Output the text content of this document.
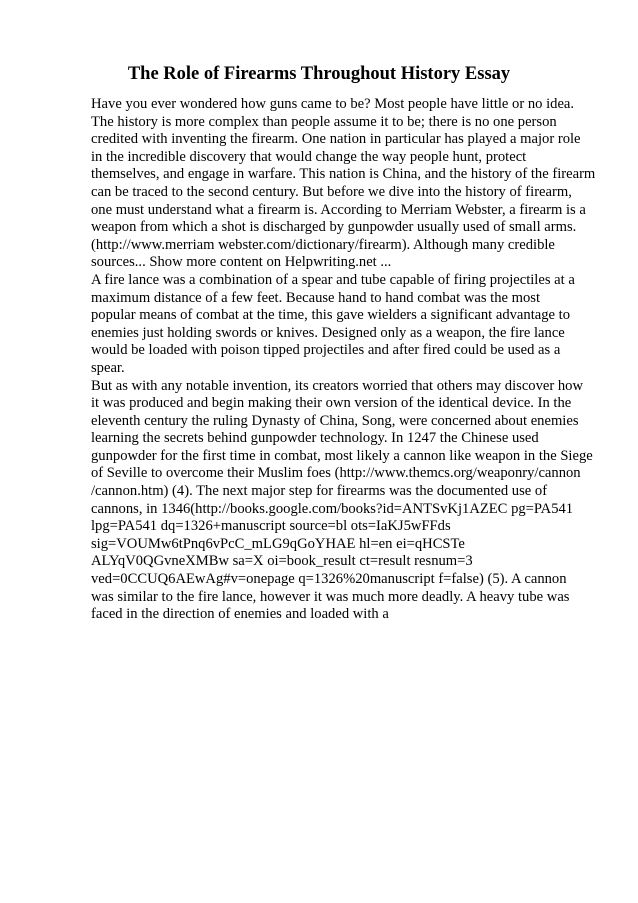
The Role of Firearms Throughout History Essay
Have you ever wondered how guns came to be? Most people have little or no idea.
The history is more complex than people assume it to be; there is no one person
credited with inventing the firearm. One nation in particular has played a major role
in the incredible discovery that would change the way people hunt, protect
themselves, and engage in warfare. This nation is China, and the history of the firearm
can be traced to the second century. But before we dive into the history of firearm,
one must understand what a firearm is. According to Merriam Webster, a firearm is a
weapon from which a shot is discharged by gunpowder usually used of small arms.
(http://www.merriam webster.com/dictionary/firearm). Although many credible
sources... Show more content on Helpwriting.net ...
A fire lance was a combination of a spear and tube capable of firing projectiles at a
maximum distance of a few feet. Because hand to hand combat was the most
popular means of combat at the time, this gave wielders a significant advantage to
enemies just holding swords or knives. Designed only as a weapon, the fire lance
would be loaded with poison tipped projectiles and after fired could be used as a
spear.
But as with any notable invention, its creators worried that others may discover how
it was produced and begin making their own version of the identical device. In the
eleventh century the ruling Dynasty of China, Song, were concerned about enemies
learning the secrets behind gunpowder technology. In 1247 the Chinese used
gunpowder for the first time in combat, most likely a cannon like weapon in the Siege
of Seville to overcome their Muslim foes (http://www.themcs.org/weaponry/cannon
/cannon.htm) (4). The next major step for firearms was the documented use of
cannons, in 1346(http://books.google.com/books?id=ANTSvKj1AZEC pg=PA541
lpg=PA541 dq=1326+manuscript source=bl ots=IaKJ5wFFds
sig=VOUMw6tPnq6vPcC_mLG9qGoYHAE hl=en ei=qHCSTe
ALYqV0QGvneXMBw sa=X oi=book_result ct=result resnum=3
ved=0CCUQ6AEwAg#v=onepage q=1326%20manuscript f=false) (5). A cannon
was similar to the fire lance, however it was much more deadly. A heavy tube was
faced in the direction of enemies and loaded with a
